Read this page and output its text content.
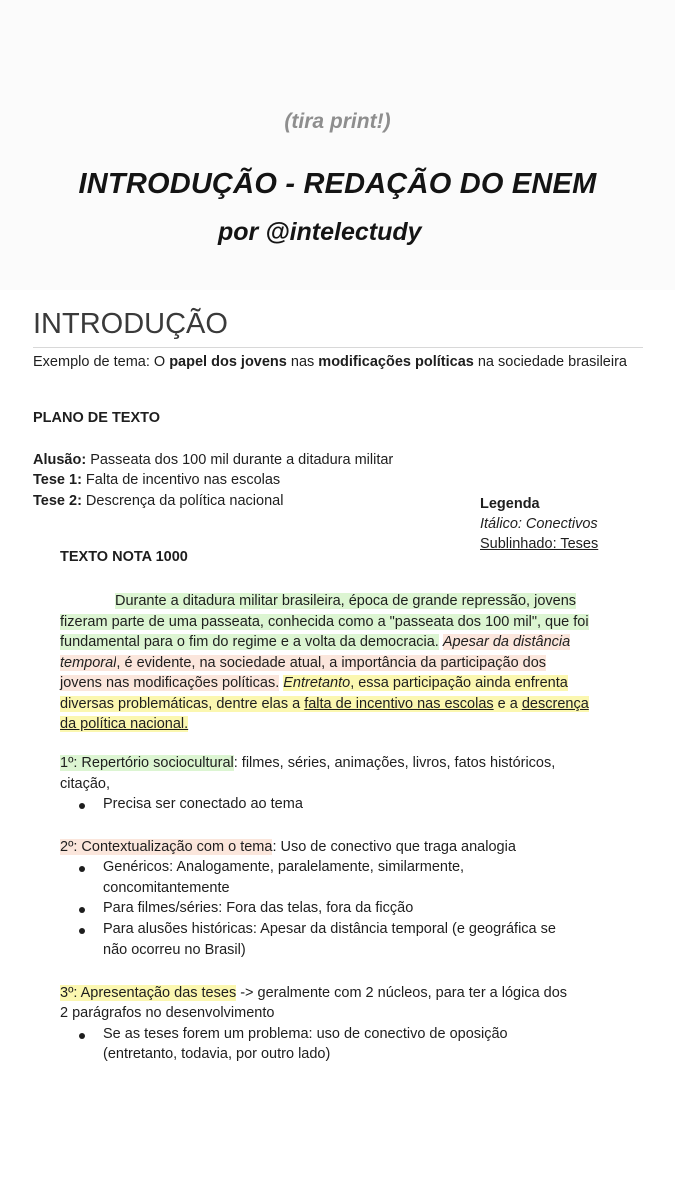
(tira print!)
INTRODUÇÃO - REDAÇÃO DO ENEM
por @intelectudy
INTRODUÇÃO
Exemplo de tema: O papel dos jovens nas modificações políticas na sociedade brasileira
PLANO DE TEXTO
Alusão: Passeata dos 100 mil durante a ditadura militar
Tese 1: Falta de incentivo nas escolas
Tese 2: Descrença da política nacional	Legenda
Itálico: Conectivos
Sublinhado: Teses
TEXTO NOTA 1000
Durante a ditadura militar brasileira, época de grande repressão, jovens
fizeram parte de uma passeata, conhecida como a "passeata dos 100 mil", que foi
fundamental para o fim do regime e a volta da democracia. Apesar da distância
temporal, é evidente, na sociedade atual, a importância da participação dos
jovens nas modificações políticas. Entretanto, essa participação ainda enfrenta
diversas problemáticas, dentre elas a falta de incentivo nas escolas e a descrença
da política nacional.
1º: Repertório sociocultural: filmes, séries, animações, livros, fatos históricos,
citação,
Precisa ser conectado ao tema
2º: Contextualização com o tema: Uso de conectivo que traga analogia
Genéricos: Analogamente, paralelamente, similarmente,
concomitantemente
Para filmes/séries: Fora das telas, fora da ficção
Para alusões históricas: Apesar da distância temporal (e geográfica se
não ocorreu no Brasil)
3º: Apresentação das teses -> geralmente com 2 núcleos, para ter a lógica dos
2 parágrafos no desenvolvimento
Se as teses forem um problema: uso de conectivo de oposição
(entretanto, todavia, por outro lado)
